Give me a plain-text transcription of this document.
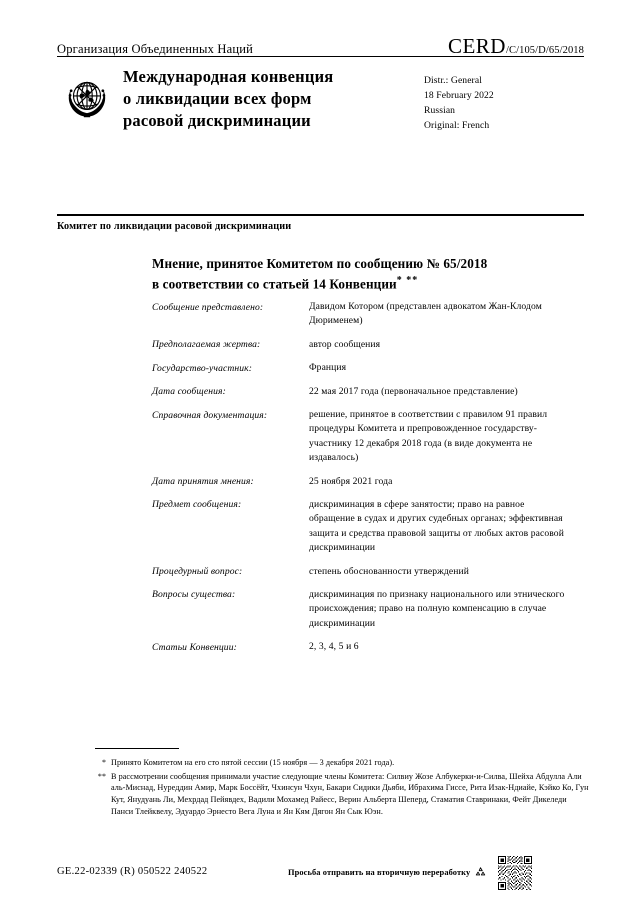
Организация Объединенных Наций	CERD/C/105/D/65/2018
Международная конвенция
о ликвидации всех форм
расовой дискриминации
Distr.: General
18 February 2022
Russian
Original: French
Комитет по ликвидации расовой дискриминации
Мнение, принятое Комитетом по сообщению № 65/2018
в соответствии со статьей 14 Конвенции* **
Сообщение представлено:	Давидом Котором (представлен адвокатом Жан-Клодом Дюрименем)
Предполагаемая жертва:	автор сообщения
Государство-участник:	Франция
Дата сообщения:	22 мая 2017 года (первоначальное представление)
Справочная документация:	решение, принятое в соответствии с правилом 91 правил процедуры Комитета и препровожденное государству-участнику 12 декабря 2018 года (в виде документа не издавалось)
Дата принятия мнения:	25 ноября 2021 года
Предмет сообщения:	дискриминация в сфере занятости; право на равное обращение в судах и других судебных органах; эффективная защита и средства правовой защиты от любых актов расовой дискриминации
Процедурный вопрос:	степень обоснованности утверждений
Вопросы существа:	дискриминация по признаку национального или этнического происхождения; право на полную компенсацию в случае дискриминации
Статьи Конвенции:	2, 3, 4, 5 и 6
* Принято Комитетом на его сто пятой сессии (15 ноября — 3 декабря 2021 года).
** В рассмотрении сообщения принимали участие следующие члены Комитета: Силвиу Жозе Албукерки-и-Силва, Шейха Абдулла Али аль-Миснад, Нуреддин Амир, Марк Боссёйт, Чхинсун Чхун, Бакари Сидики Дьяби, Ибрахима Гиссе, Рита Изак-Ндиайе, Кэйко Ко, Гун Кут, Янудуань Ли, Мехрдад Пейявдех, Вадили Мохамед Райесс, Верин Альберта Шеперд, Стаматия Ставринаки, Фейт Дикеледи Панси Тлейквелу, Эдуардо Эрнесто Вега Луна и Ян Кям Дягон Ян Сык Юэн.
GE.22-02339 (R) 050522 240522	Просьба отправить на вторичную переработку
